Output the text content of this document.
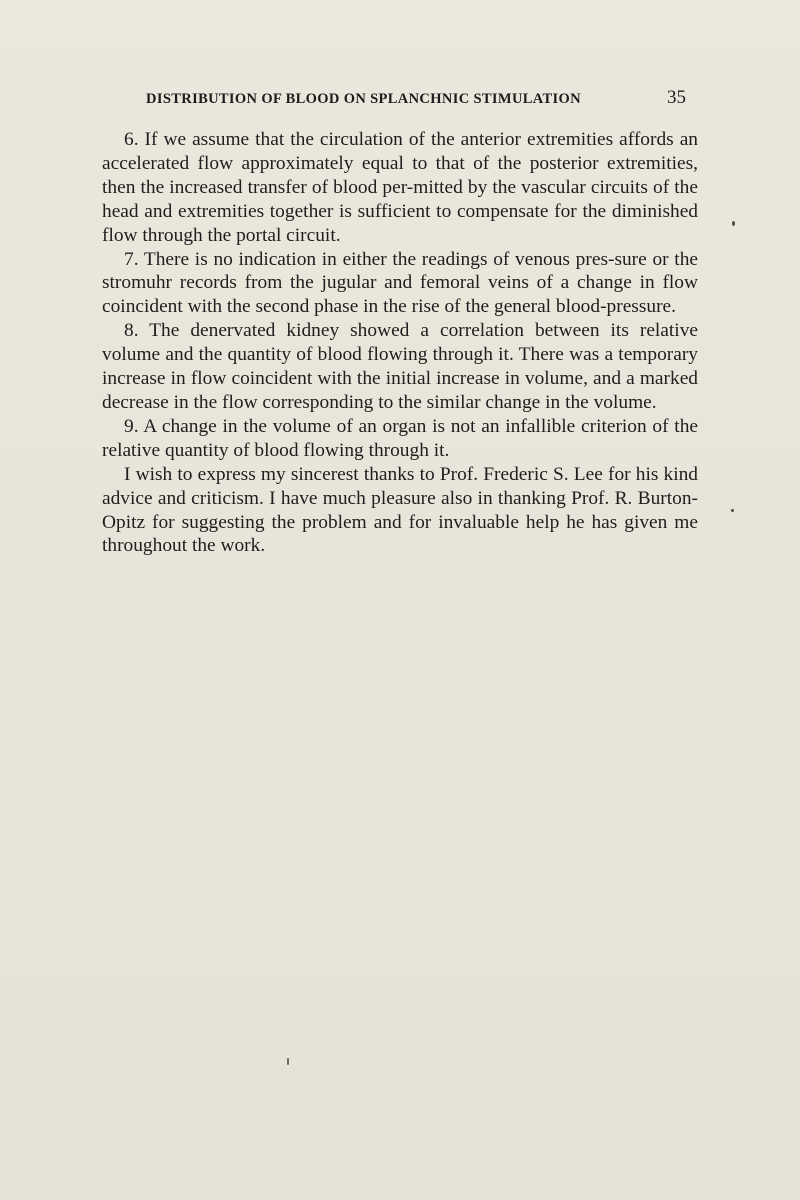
DISTRIBUTION OF BLOOD ON SPLANCHNIC STIMULATION	35

6. If we assume that the circulation of the anterior extremities affords an accelerated flow approximately equal to that of the posterior extremities, then the increased transfer of blood per-mitted by the vascular circuits of the head and extremities together is sufficient to compensate for the diminished flow through the portal circuit.

7. There is no indication in either the readings of venous pres-sure or the stromuhr records from the jugular and femoral veins of a change in flow coincident with the second phase in the rise of the general blood-pressure.

8. The denervated kidney showed a correlation between its relative volume and the quantity of blood flowing through it. There was a temporary increase in flow coincident with the initial increase in volume, and a marked decrease in the flow corresponding to the similar change in the volume.

9. A change in the volume of an organ is not an infallible criterion of the relative quantity of blood flowing through it.

I wish to express my sincerest thanks to Prof. Frederic S. Lee for his kind advice and criticism. I have much pleasure also in thanking Prof. R. Burton-Opitz for suggesting the problem and for invaluable help he has given me throughout the work.
